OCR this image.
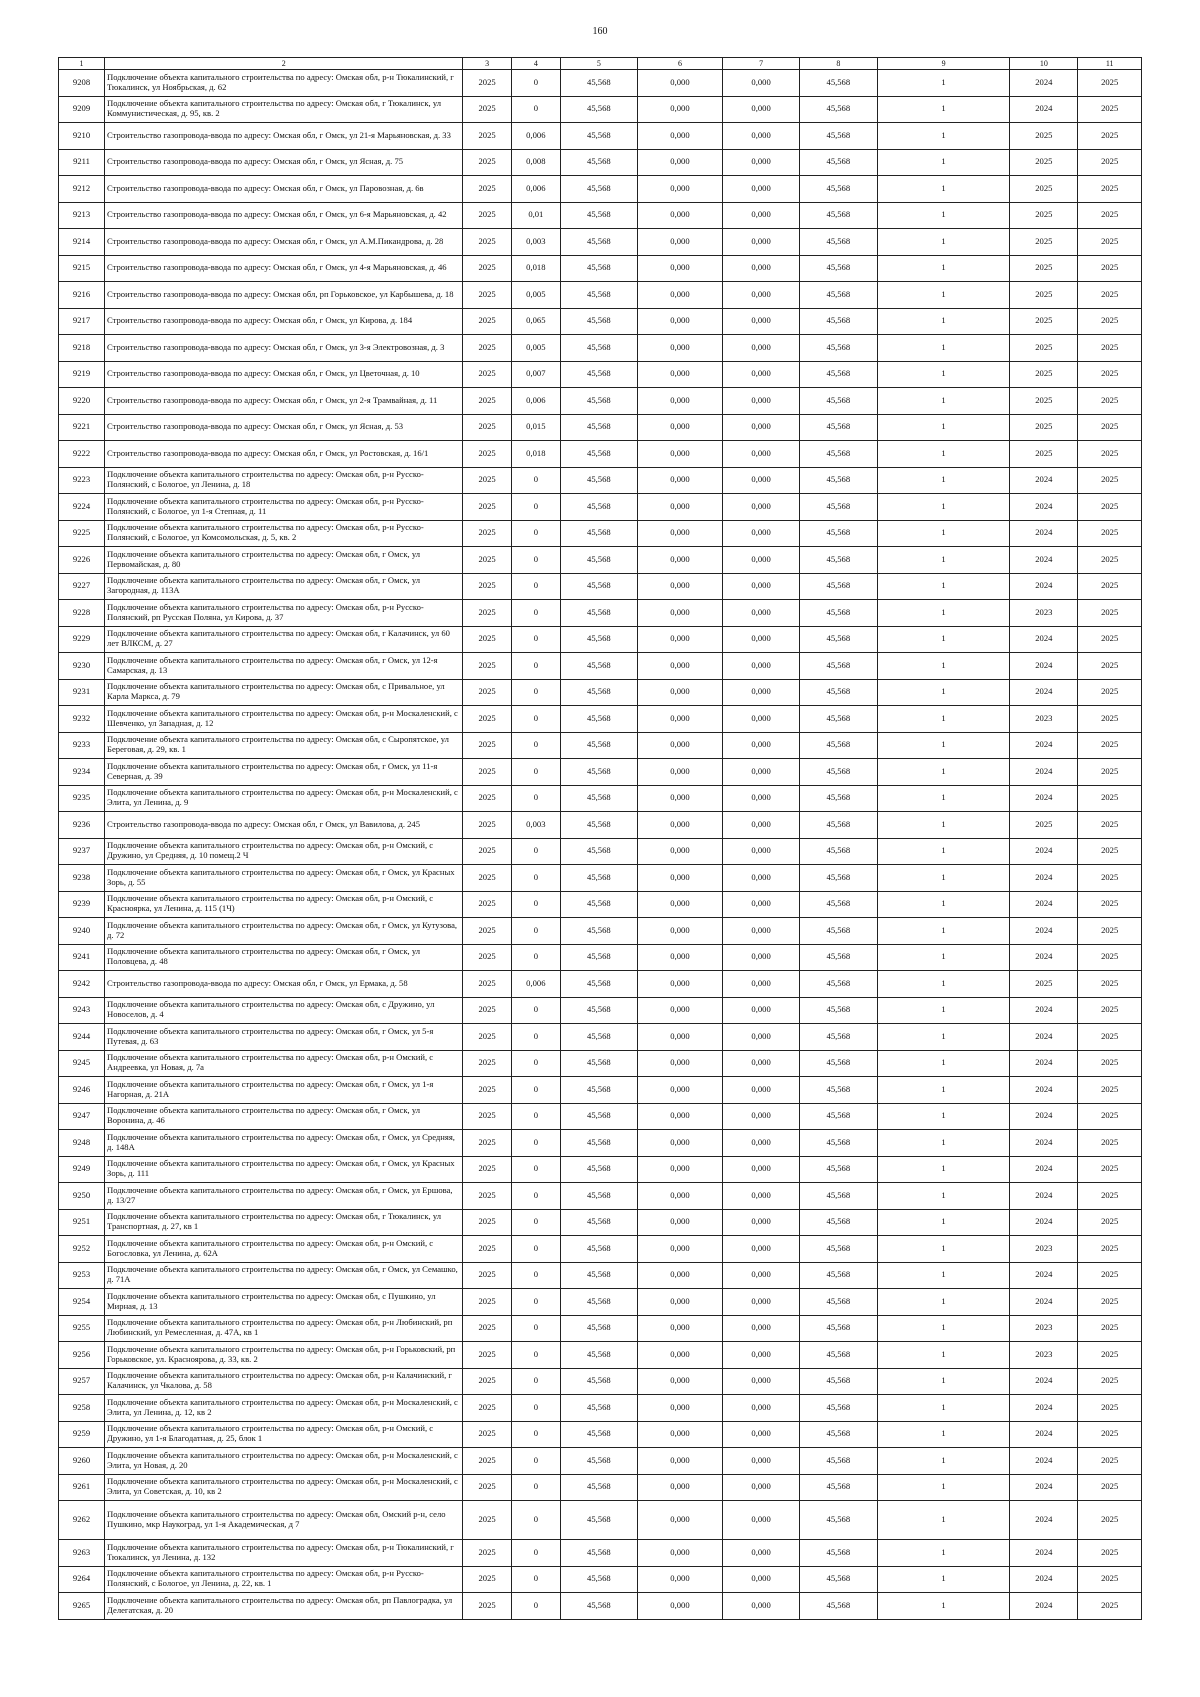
160
1	2	3	4	5	6	7	8	9	10	11
9208	Подключение объекта капитального строительства по адресу: Омская обл, р-н Тюкалинский, г Тюкалинск, ул Ноябрьская, д. 62	2025	0	45,568	0,000	0,000	45,568	1	2024	2025
9209	Подключение объекта капитального строительства по адресу: Омская обл, г Тюкалинск, ул Коммунистическая, д. 95, кв. 2	2025	0	45,568	0,000	0,000	45,568	1	2024	2025
9210	Строительство газопровода-ввода по адресу: Омская обл, г Омск, ул 21-я Марьяновская, д. 33	2025	0,006	45,568	0,000	0,000	45,568	1	2025	2025
9211	Строительство газопровода-ввода по адресу: Омская обл, г Омск, ул Ясная, д. 75	2025	0,008	45,568	0,000	0,000	45,568	1	2025	2025
9212	Строительство газопровода-ввода по адресу: Омская обл, г Омск, ул Паровозная, д. 6в	2025	0,006	45,568	0,000	0,000	45,568	1	2025	2025
9213	Строительство газопровода-ввода по адресу: Омская обл, г Омск, ул 6-я Марьяновская, д. 42	2025	0,01	45,568	0,000	0,000	45,568	1	2025	2025
9214	Строительство газопровода-ввода по адресу: Омская обл, г Омск, ул А.М.Пикандрова, д. 28	2025	0,003	45,568	0,000	0,000	45,568	1	2025	2025
9215	Строительство газопровода-ввода по адресу: Омская обл, г Омск, ул 4-я Марьяновская, д. 46	2025	0,018	45,568	0,000	0,000	45,568	1	2025	2025
9216	Строительство газопровода-ввода по адресу: Омская обл, рп Горьковское, ул Карбышева, д. 18	2025	0,005	45,568	0,000	0,000	45,568	1	2025	2025
9217	Строительство газопровода-ввода по адресу: Омская обл, г Омск, ул Кирова, д. 184	2025	0,065	45,568	0,000	0,000	45,568	1	2025	2025
9218	Строительство газопровода-ввода по адресу: Омская обл, г Омск, ул 3-я Электровозная, д. 3	2025	0,005	45,568	0,000	0,000	45,568	1	2025	2025
9219	Строительство газопровода-ввода по адресу: Омская обл, г Омск, ул Цветочная, д. 10	2025	0,007	45,568	0,000	0,000	45,568	1	2025	2025
9220	Строительство газопровода-ввода по адресу: Омская обл, г Омск, ул 2-я Трамвайная, д. 11	2025	0,006	45,568	0,000	0,000	45,568	1	2025	2025
9221	Строительство газопровода-ввода по адресу: Омская обл, г Омск, ул Ясная, д. 53	2025	0,015	45,568	0,000	0,000	45,568	1	2025	2025
9222	Строительство газопровода-ввода по адресу: Омская обл, г Омск, ул Ростовская, д. 16/1	2025	0,018	45,568	0,000	0,000	45,568	1	2025	2025
9223	Подключение объекта капитального строительства по адресу: Омская обл, р-н Русско-Полянский, с Бологое, ул Ленина, д. 18	2025	0	45,568	0,000	0,000	45,568	1	2024	2025
9224	Подключение объекта капитального строительства по адресу: Омская обл, р-н Русско-Полянский, с Бологое, ул 1-я Степная, д. 11	2025	0	45,568	0,000	0,000	45,568	1	2024	2025
9225	Подключение объекта капитального строительства по адресу: Омская обл, р-н Русско-Полянский, с Бологое, ул Комсомольская, д. 5, кв. 2	2025	0	45,568	0,000	0,000	45,568	1	2024	2025
9226	Подключение объекта капитального строительства по адресу: Омская обл, г Омск, ул Первомайская, д. 80	2025	0	45,568	0,000	0,000	45,568	1	2024	2025
9227	Подключение объекта капитального строительства по адресу: Омская обл, г Омск, ул Загородная, д. 113А	2025	0	45,568	0,000	0,000	45,568	1	2024	2025
9228	Подключение объекта капитального строительства по адресу: Омская обл, р-н Русско-Полянский, рп Русская Поляна, ул Кирова, д. 37	2025	0	45,568	0,000	0,000	45,568	1	2023	2025
9229	Подключение объекта капитального строительства по адресу: Омская обл, г Калачинск, ул 60 лет ВЛКСМ, д. 27	2025	0	45,568	0,000	0,000	45,568	1	2024	2025
9230	Подключение объекта капитального строительства по адресу: Омская обл, г Омск, ул 12-я Самарская, д. 13	2025	0	45,568	0,000	0,000	45,568	1	2024	2025
9231	Подключение объекта капитального строительства по адресу: Омская обл, с Привальное, ул Карла Маркса, д. 79	2025	0	45,568	0,000	0,000	45,568	1	2024	2025
9232	Подключение объекта капитального строительства по адресу: Омская обл, р-н Москаленский, с Шевченко, ул Западная, д. 12	2025	0	45,568	0,000	0,000	45,568	1	2023	2025
9233	Подключение объекта капитального строительства по адресу: Омская обл, с Сыропятское, ул Береговая, д. 29, кв. 1	2025	0	45,568	0,000	0,000	45,568	1	2024	2025
9234	Подключение объекта капитального строительства по адресу: Омская обл, г Омск, ул 11-я Северная, д. 39	2025	0	45,568	0,000	0,000	45,568	1	2024	2025
9235	Подключение объекта капитального строительства по адресу: Омская обл, р-н Москаленский, с Элита, ул Ленина, д. 9	2025	0	45,568	0,000	0,000	45,568	1	2024	2025
9236	Строительство газопровода-ввода по адресу: Омская обл, г Омск, ул Вавилова, д. 245	2025	0,003	45,568	0,000	0,000	45,568	1	2025	2025
9237	Подключение объекта капитального строительства по адресу: Омская обл, р-н Омский, с Дружино, ул Средняя, д. 10 помещ.2 Ч	2025	0	45,568	0,000	0,000	45,568	1	2024	2025
9238	Подключение объекта капитального строительства по адресу: Омская обл, г Омск, ул Красных Зорь, д. 55	2025	0	45,568	0,000	0,000	45,568	1	2024	2025
9239	Подключение объекта капитального строительства по адресу: Омская обл, р-н Омский, с Красноярка, ул Ленина, д. 115 (1Ч)	2025	0	45,568	0,000	0,000	45,568	1	2024	2025
9240	Подключение объекта капитального строительства по адресу: Омская обл, г Омск, ул Кутузова, д. 72	2025	0	45,568	0,000	0,000	45,568	1	2024	2025
9241	Подключение объекта капитального строительства по адресу: Омская обл, г Омск, ул Половцева, д. 48	2025	0	45,568	0,000	0,000	45,568	1	2024	2025
9242	Строительство газопровода-ввода по адресу: Омская обл, г Омск, ул Ермака, д. 58	2025	0,006	45,568	0,000	0,000	45,568	1	2025	2025
9243	Подключение объекта капитального строительства по адресу: Омская обл, с Дружино, ул Новоселов, д. 4	2025	0	45,568	0,000	0,000	45,568	1	2024	2025
9244	Подключение объекта капитального строительства по адресу: Омская обл, г Омск, ул 5-я Путевая, д. 63	2025	0	45,568	0,000	0,000	45,568	1	2024	2025
9245	Подключение объекта капитального строительства по адресу: Омская обл, р-н Омский, с Андреевка, ул Новая, д. 7а	2025	0	45,568	0,000	0,000	45,568	1	2024	2025
9246	Подключение объекта капитального строительства по адресу: Омская обл, г Омск, ул 1-я Нагорная, д. 21А	2025	0	45,568	0,000	0,000	45,568	1	2024	2025
9247	Подключение объекта капитального строительства по адресу: Омская обл, г Омск, ул Воронина, д. 46	2025	0	45,568	0,000	0,000	45,568	1	2024	2025
9248	Подключение объекта капитального строительства по адресу: Омская обл, г Омск, ул Средняя, д. 148А	2025	0	45,568	0,000	0,000	45,568	1	2024	2025
9249	Подключение объекта капитального строительства по адресу: Омская обл, г Омск, ул Красных Зорь, д. 111	2025	0	45,568	0,000	0,000	45,568	1	2024	2025
9250	Подключение объекта капитального строительства по адресу: Омская обл, г Омск, ул Ершова, д. 13/27	2025	0	45,568	0,000	0,000	45,568	1	2024	2025
9251	Подключение объекта капитального строительства по адресу: Омская обл, г Тюкалинск, ул Транспортная, д. 27, кв 1	2025	0	45,568	0,000	0,000	45,568	1	2024	2025
9252	Подключение объекта капитального строительства по адресу: Омская обл, р-н Омский, с Богословка, ул Ленина, д. 62А	2025	0	45,568	0,000	0,000	45,568	1	2023	2025
9253	Подключение объекта капитального строительства по адресу: Омская обл, г Омск, ул Семашко, д. 71А	2025	0	45,568	0,000	0,000	45,568	1	2024	2025
9254	Подключение объекта капитального строительства по адресу: Омская обл, с Пушкино, ул Мирная, д. 13	2025	0	45,568	0,000	0,000	45,568	1	2024	2025
9255	Подключение объекта капитального строительства по адресу: Омская обл, р-н Любинский, рп Любинский, ул Ремесленная, д. 47А, кв 1	2025	0	45,568	0,000	0,000	45,568	1	2023	2025
9256	Подключение объекта капитального строительства по адресу: Омская обл, р-н Горьковский, рп Горьковское, ул. Красноярова, д. 33, кв. 2	2025	0	45,568	0,000	0,000	45,568	1	2023	2025
9257	Подключение объекта капитального строительства по адресу: Омская обл, р-н Калачинский, г Калачинск, ул Чкалова, д. 58	2025	0	45,568	0,000	0,000	45,568	1	2024	2025
9258	Подключение объекта капитального строительства по адресу: Омская обл, р-н Москаленский, с Элита, ул Ленина, д. 12, кв 2	2025	0	45,568	0,000	0,000	45,568	1	2024	2025
9259	Подключение объекта капитального строительства по адресу: Омская обл, р-н Омский, с Дружино, ул 1-я Благодатная, д. 25, блок 1	2025	0	45,568	0,000	0,000	45,568	1	2024	2025
9260	Подключение объекта капитального строительства по адресу: Омская обл, р-н Москаленский, с Элита, ул Новая, д. 20	2025	0	45,568	0,000	0,000	45,568	1	2024	2025
9261	Подключение объекта капитального строительства по адресу: Омская обл, р-н Москаленский, с Элита, ул Советская, д. 10, кв 2	2025	0	45,568	0,000	0,000	45,568	1	2024	2025
9262	Подключение объекта капитального строительства по адресу: Омская обл, Омский р-н, село Пушкино, мкр Наукоград, ул 1-я Академическая, д 7	2025	0	45,568	0,000	0,000	45,568	1	2024	2025
9263	Подключение объекта капитального строительства по адресу: Омская обл, р-н Тюкалинский, г Тюкалинск, ул Ленина, д. 132	2025	0	45,568	0,000	0,000	45,568	1	2024	2025
9264	Подключение объекта капитального строительства по адресу: Омская обл, р-н Русско-Полянский, с Бологое, ул Ленина, д. 22, кв. 1	2025	0	45,568	0,000	0,000	45,568	1	2024	2025
9265	Подключение объекта капитального строительства по адресу: Омская обл, рп Павлоградка, ул Делегатская, д. 20	2025	0	45,568	0,000	0,000	45,568	1	2024	2025
